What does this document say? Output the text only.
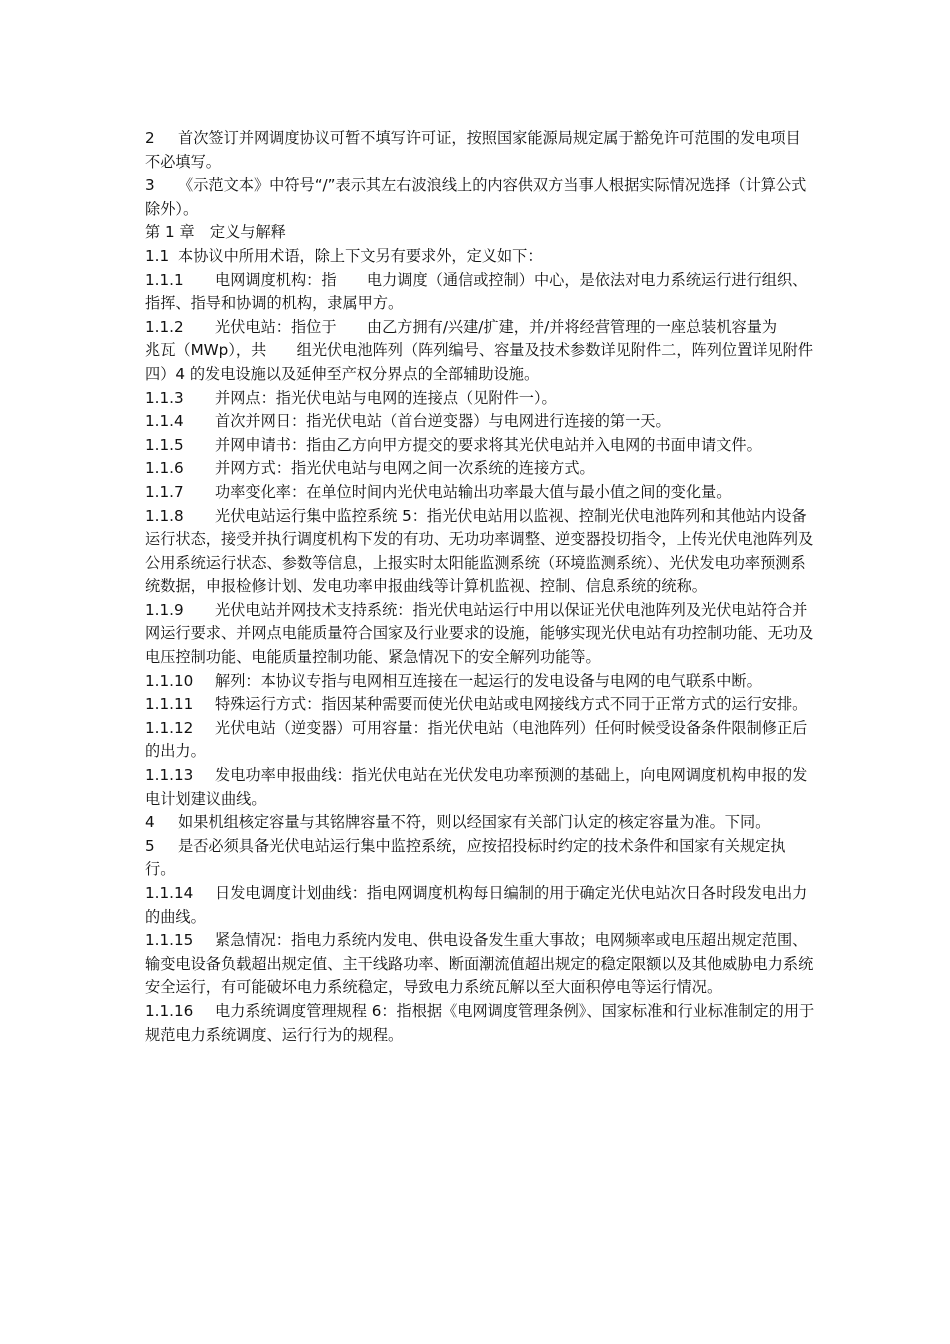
2 首次签订并网调度协议可暂不填写许可证，按照国家能源局规定属于豁免许可范围的发电项目不必填写。

3 《示范文本》中符号“/”表示其左右波浪线上的内容供双方当事人根据实际情况选择（计算公式除外）。

第 1 章　定义与解释

1.1 本协议中所用术语，除上下文另有要求外，定义如下：

1.1.1 电网调度机构：指　　电力调度（通信或控制）中心，是依法对电力系统运行进行组织、指挥、指导和协调的机构，隶属甲方。

1.1.2 光伏电站：指位于　　由乙方拥有/兴建/扩建，并/并将经营管理的一座总装机容量为　　兆瓦（MWp），共　　组光伏电池阵列（阵列编号、容量及技术参数详见附件二，阵列位置详见附件四）4 的发电设施以及延伸至产权分界点的全部辅助设施。

1.1.3 并网点：指光伏电站与电网的连接点（见附件一）。

1.1.4 首次并网日：指光伏电站（首台逆变器）与电网进行连接的第一天。

1.1.5 并网申请书：指由乙方向甲方提交的要求将其光伏电站并入电网的书面申请文件。

1.1.6 并网方式：指光伏电站与电网之间一次系统的连接方式。

1.1.7 功率变化率：在单位时间内光伏电站输出功率最大值与最小值之间的变化量。

1.1.8 光伏电站运行集中监控系统 5：指光伏电站用以监视、控制光伏电池阵列和其他站内设备运行状态，接受并执行调度机构下发的有功、无功功率调整、逆变器投切指令，上传光伏电池阵列及公用系统运行状态、参数等信息，上报实时太阳能监测系统（环境监测系统）、光伏发电功率预测系统数据，申报检修计划、发电功率申报曲线等计算机监视、控制、信息系统的统称。

1.1.9 光伏电站并网技术支持系统：指光伏电站运行中用以保证光伏电池阵列及光伏电站符合并网运行要求、并网点电能质量符合国家及行业要求的设施，能够实现光伏电站有功控制功能、无功及电压控制功能、电能质量控制功能、紧急情况下的安全解列功能等。

1.1.10 解列：本协议专指与电网相互连接在一起运行的发电设备与电网的电气联系中断。

1.1.11 特殊运行方式：指因某种需要而使光伏电站或电网接线方式不同于正常方式的运行安排。

1.1.12 光伏电站（逆变器）可用容量：指光伏电站（电池阵列）任何时候受设备条件限制修正后的出力。

1.1.13 发电功率申报曲线：指光伏电站在光伏发电功率预测的基础上，向电网调度机构申报的发电计划建议曲线。

4 如果机组核定容量与其铭牌容量不符，则以经国家有关部门认定的核定容量为准。下同。

5 是否必须具备光伏电站运行集中监控系统，应按招投标时约定的技术条件和国家有关规定执行。

1.1.14 日发电调度计划曲线：指电网调度机构每日编制的用于确定光伏电站次日各时段发电出力的曲线。

1.1.15 紧急情况：指电力系统内发电、供电设备发生重大事故；电网频率或电压超出规定范围、输变电设备负载超出规定值、主干线路功率、断面潮流值超出规定的稳定限额以及其他威胁电力系统安全运行，有可能破坏电力系统稳定，导致电力系统瓦解以至大面积停电等运行情况。

1.1.16 电力系统调度管理规程 6：指根据《电网调度管理条例》、国家标准和行业标准制定的用于规范电力系统调度、运行行为的规程。
